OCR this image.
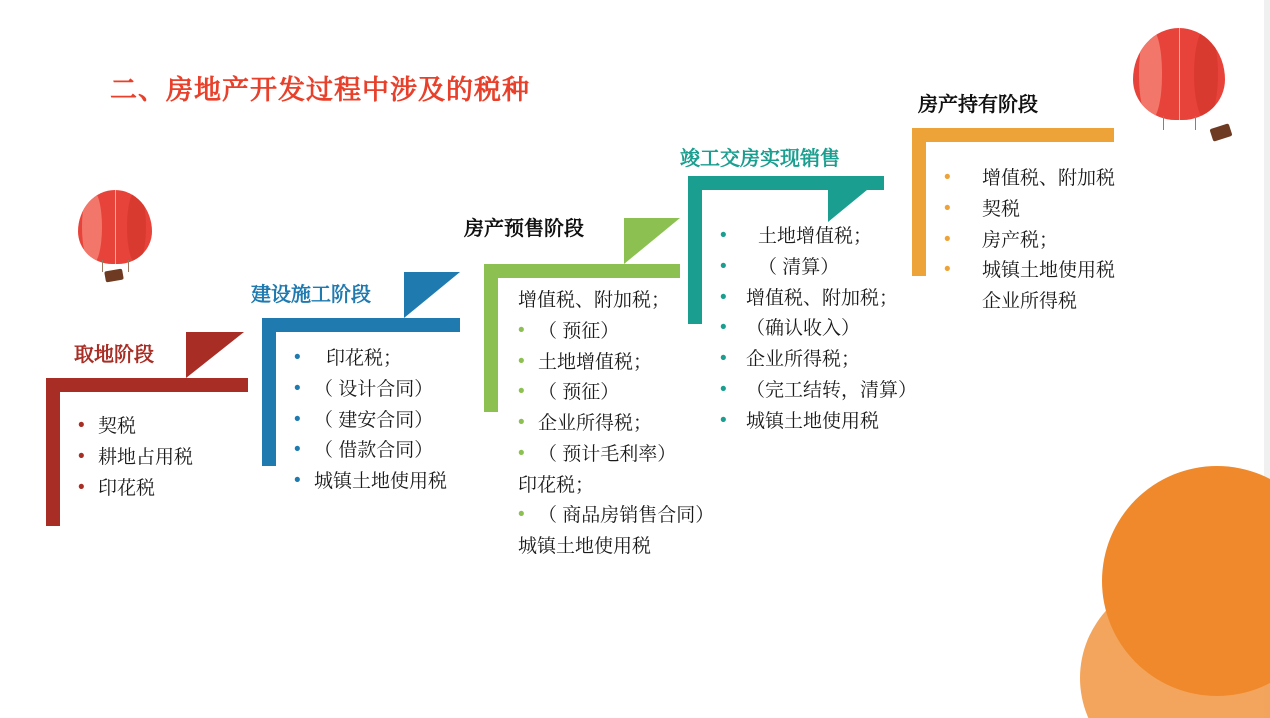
二、房地产开发过程中涉及的税种
取地阶段
• 契税
• 耕地占用税
• 印花税
建设施工阶段
• 印花税；
• （ 设计合同）
• （ 建安合同）
• （ 借款合同）
• 城镇土地使用税
房产预售阶段
增值税、附加税；
• （ 预征）
• 土地增值税；
• （ 预征）
• 企业所得税；
• （ 预计毛利率）
印花税；
• （ 商品房销售合同）
城镇土地使用税
竣工交房实现销售
• 土地增值税；
• （ 清算）
• 增值税、附加税；
• （确认收入）
• 企业所得税；
• （完工结转，清算）
• 城镇土地使用税
房产持有阶段
• 增值税、附加税
• 契税
• 房产税；
• 城镇土地使用税
企业所得税
